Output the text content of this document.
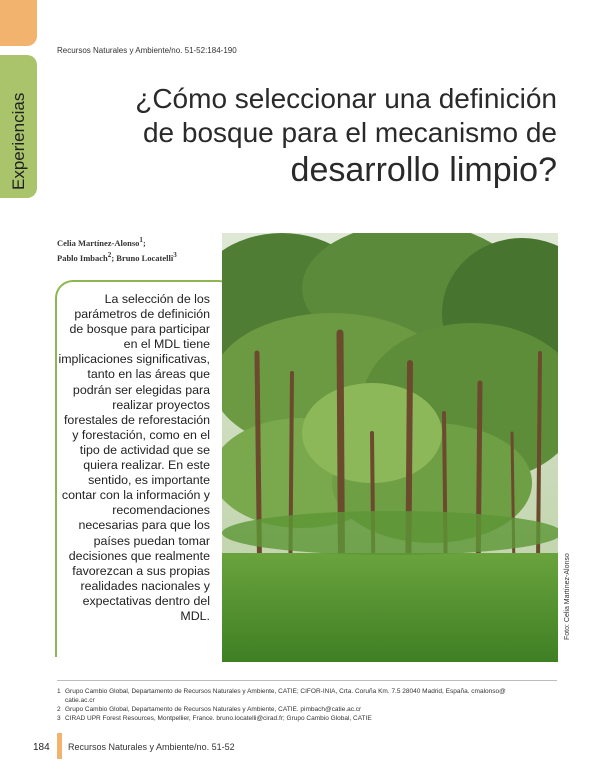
Experiencias
Recursos Naturales y Ambiente/no. 51-52:184-190
¿Cómo seleccionar una definición
de bosque para el mecanismo de
desarrollo limpio?
Celia Martínez-Alonso$^1$;
Pablo Imbach$^2$; Bruno Locatelli$^3$
La selección de los parámetros de definición de bosque para participar en el MDL tiene implicaciones significativas, tanto en las áreas que podrán ser elegidas para realizar proyectos forestales de reforestación y forestación, como en el tipo de actividad que se quiera realizar. En este sentido, es importante contar con la información y recomendaciones necesarias para que los países puedan tomar decisiones que realmente favorezcan a sus propias realidades nacionales y expectativas dentro del MDL.	Foto: Celia Martínez-Alonso
1 Grupo Cambio Global, Departamento de Recursos Naturales y Ambiente, CATIE; CIFOR-INIA, Crta. Coruña Km. 7.5 28040 Madrid, España. cmalonso@
catie.ac.cr
2 Grupo Cambio Global, Departamento de Recursos Naturales y Ambiente, CATIE. pimbach@catie.ac.cr
3 CIRAD UPR Forest Resources, Montpellier, France. bruno.locatelli@cirad.fr; Grupo Cambio Global, CATIE
184 Recursos Naturales y Ambiente/no. 51-52
